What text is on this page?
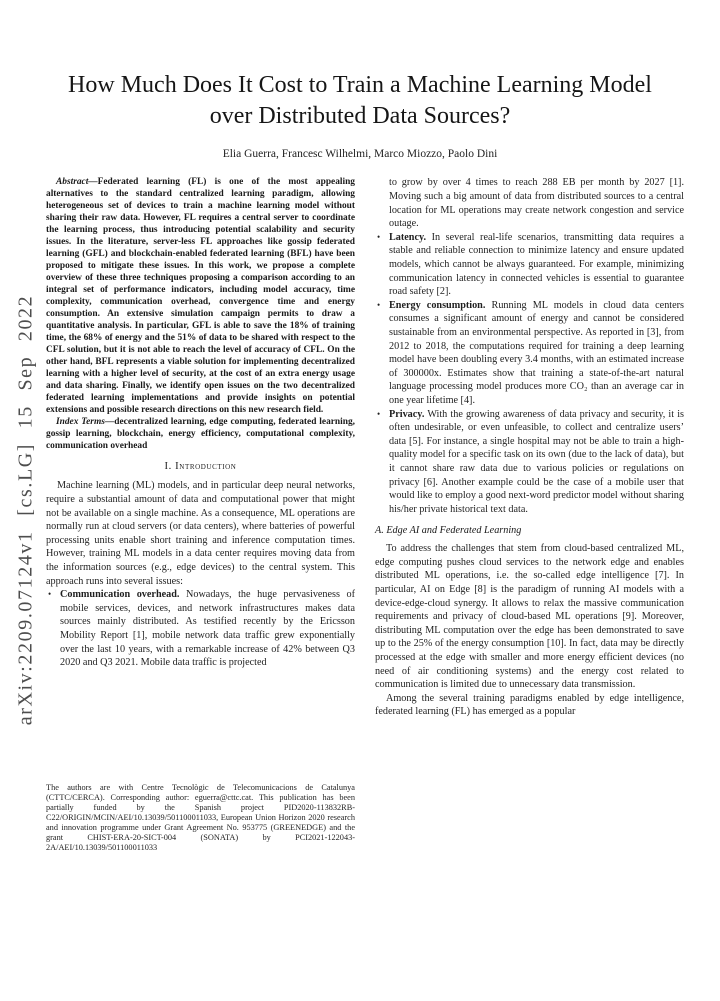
arXiv:2209.07124v1 [cs.LG] 15 Sep 2022
How Much Does It Cost to Train a Machine Learning Model over Distributed Data Sources?
Elia Guerra, Francesc Wilhelmi, Marco Miozzo, Paolo Dini

Abstract—Federated learning (FL) is one of the most appealing alternatives to the standard centralized learning paradigm, allowing heterogeneous set of devices to train a machine learning model without sharing their raw data. However, FL requires a central server to coordinate the learning process, thus introducing potential scalability and security issues. In the literature, server-less FL approaches like gossip federated learning (GFL) and blockchain-enabled federated learning (BFL) have been proposed to mitigate these issues. In this work, we propose a complete overview of these three techniques proposing a comparison according to an integral set of performance indicators, including model accuracy, time complexity, communication overhead, convergence time and energy consumption. An extensive simulation campaign permits to draw a quantitative analysis. In particular, GFL is able to save the 18% of training time, the 68% of energy and the 51% of data to be shared with respect to the CFL solution, but it is not able to reach the level of accuracy of CFL. On the other hand, BFL represents a viable solution for implementing decentralized learning with a higher level of security, at the cost of an extra energy usage and data sharing. Finally, we identify open issues on the two decentralized federated learning implementations and provide insights on potential extensions and possible research directions on this new research field.

Index Terms—decentralized learning, edge computing, federated learning, gossip learning, blockchain, energy efficiency, computational complexity, communication overhead

I. Introduction

Machine learning (ML) models, and in particular deep neural networks, require a substantial amount of data and computational power that might not be available on a single machine. As a consequence, ML operations are normally run at cloud servers (or data centers), where batteries of powerful processing units enable short training and inference computation times. However, training ML models in a data center requires moving data from the information sources (e.g., edge devices) to the central system. This approach runs into several issues:

• Communication overhead. Nowadays, the huge pervasiveness of mobile services, devices, and network infrastructures makes data sources mainly distributed. As testified recently by the Ericsson Mobility Report [1], mobile network data traffic grew exponentially over the last 10 years, with a remarkable increase of 42% between Q3 2020 and Q3 2021. Mobile data traffic is projected
The authors are with Centre Tecnològic de Telecomunicacions de Catalunya (CTTC/CERCA). Corresponding author: eguerra@cttc.cat. This publication has been partially funded by the Spanish project PID2020-113832RB-C22/ORIGIN/MCIN/AEI/10.13039/501100011033, European Union Horizon 2020 research and innovation programme under Grant Agreement No. 953775 (GREENEDGE) and the grant CHIST-ERA-20-SICT-004 (SONATA) by PCI2021-122043-2A/AEI/10.13039/501100011033

to grow by over 4 times to reach 288 EB per month by 2027 [1]. Moving such a big amount of data from distributed sources to a central location for ML operations may create network congestion and service outage.

• Latency. In several real-life scenarios, transmitting data requires a stable and reliable connection to minimize latency and ensure updated models, which cannot be always guaranteed. For example, minimizing communication latency in connected vehicles is essential to guarantee road safety [2].
• Energy consumption. Running ML models in cloud data centers consumes a significant amount of energy and cannot be considered sustainable from an environmental perspective. As reported in [3], from 2012 to 2018, the computations required for training a deep learning model have been doubling every 3.4 months, with an estimated increase of 300000x. Estimates show that training a state-of-the-art natural language processing model produces more CO₂ than an average car in one year lifetime [4].
• Privacy. With the growing awareness of data privacy and security, it is often undesirable, or even unfeasible, to collect and centralize users’ data [5]. For instance, a single hospital may not be able to train a high-quality model for a specific task on its own (due to the lack of data), but it cannot share raw data due to various policies or regulations on privacy [6]. Another example could be the case of a mobile user that would like to employ a good next-word predictor model without sharing his/her private historical text data.
A. Edge AI and Federated Learning

To address the challenges that stem from cloud-based centralized ML, edge computing pushes cloud services to the network edge and enables distributed ML operations, i.e. the so-called edge intelligence [7]. In particular, AI on Edge [8] is the paradigm of running AI models with a device-edge-cloud synergy. It allows to relax the massive communication requirements and privacy of cloud-based ML operations [9]. Moreover, distributing ML computation over the edge has been demonstrated to save up to the 25% of the energy consumption [10]. In fact, data may be directly processed at the edge with smaller and more energy efficient devices (no need of air conditioning systems) and the energy cost related to communication is limited due to unnecessary data transmission.

Among the several training paradigms enabled by edge intelligence, federated learning (FL) has emerged as a popular
